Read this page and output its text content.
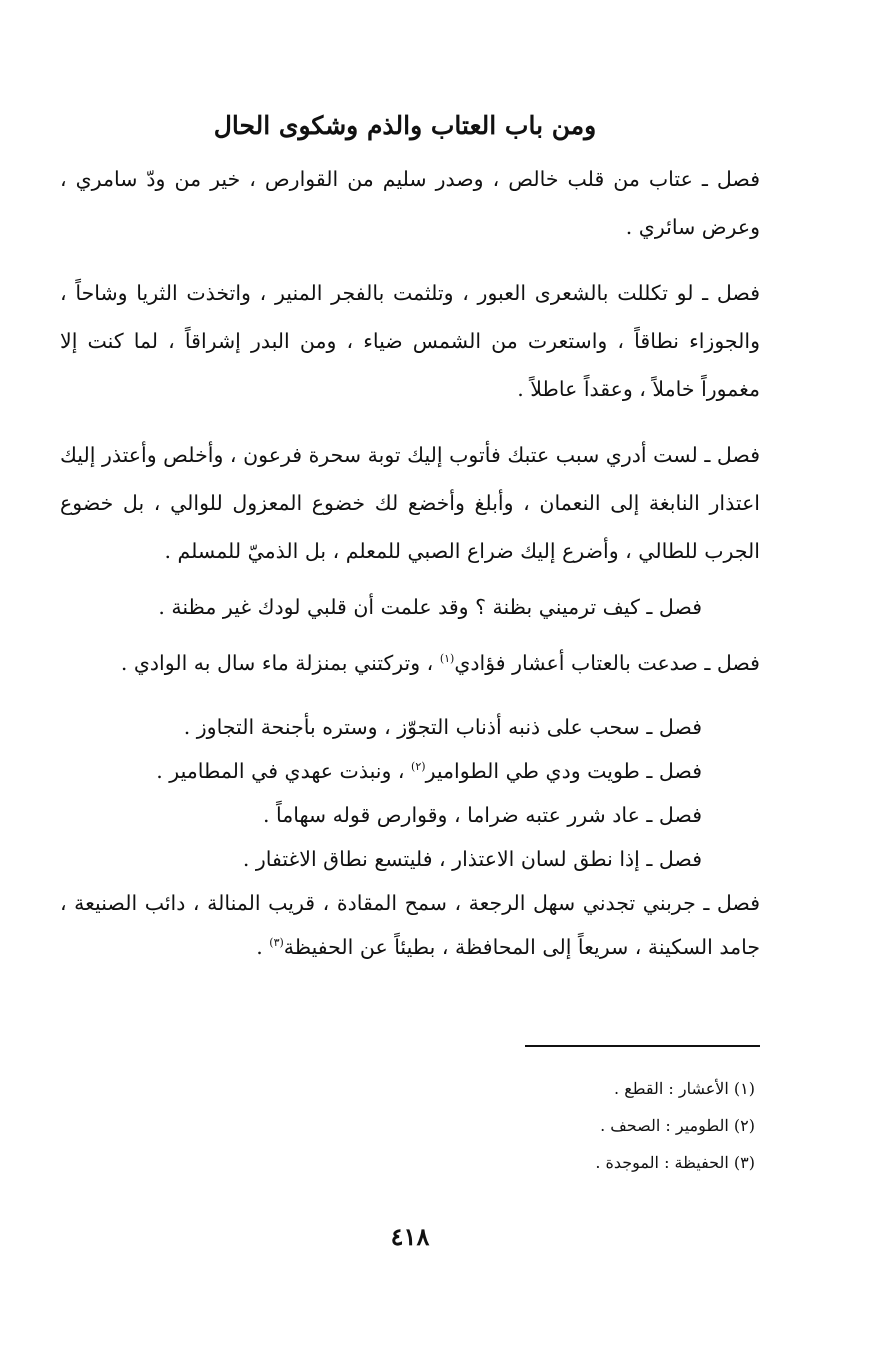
ومن باب العتاب والذم وشكوى الحال

فصل ـ عتاب من قلب خالص ، وصدر سليم من القوارص ، خير من ودّ سامري ، وعرض سائري .

فصل ـ لو تكللت بالشعرى العبور ، وتلثمت بالفجر المنير ، واتخذت الثريا وشاحاً ، والجوزاء نطاقاً ، واستعرت من الشمس ضياء ، ومن البدر إشراقاً ، لما كنت إلا مغموراً خاملاً ، وعقداً عاطلاً .

فصل ـ لست أدري سبب عتبك فأتوب إليك توبة سحرة فرعون ، وأخلص وأعتذر إليك اعتذار النابغة إلى النعمان ، وأبلغ وأخضع لك خضوع المعزول للوالي ، بل خضوع الجرب للطالي ، وأضرع إليك ضراع الصبي للمعلم ، بل الذميّ للمسلم .

فصل ـ كيف ترميني بظنة ؟ وقد علمت أن قلبي لودك غير مظنة .

فصل ـ صدعت بالعتاب أعشار فؤادي$^{(١)}$ ، وتركتني بمنزلة ماء سال به الوادي .

فصل ـ سحب على ذنبه أذناب التجوّز ، وستره بأجنحة التجاوز .

فصل ـ طويت ودي طي الطوامير$^{(٢)}$ ، ونبذت عهدي في المطامير .

فصل ـ عاد شرر عتبه ضراما ، وقوارص قوله سهاماً .

فصل ـ إذا نطق لسان الاعتذار ، فليتسع نطاق الاغتفار .

فصل ـ جربني تجدني سهل الرجعة ، سمح المقادة ، قريب المنالة ، دائب الصنيعة ، جامد السكينة ، سريعاً إلى المحافظة ، بطيئاً عن الحفيظة$^{(٣)}$ .

(١) الأعشار : القطع .

(٢) الطومير : الصحف .

(٣) الحفيظة : الموجدة .

٤١٨
